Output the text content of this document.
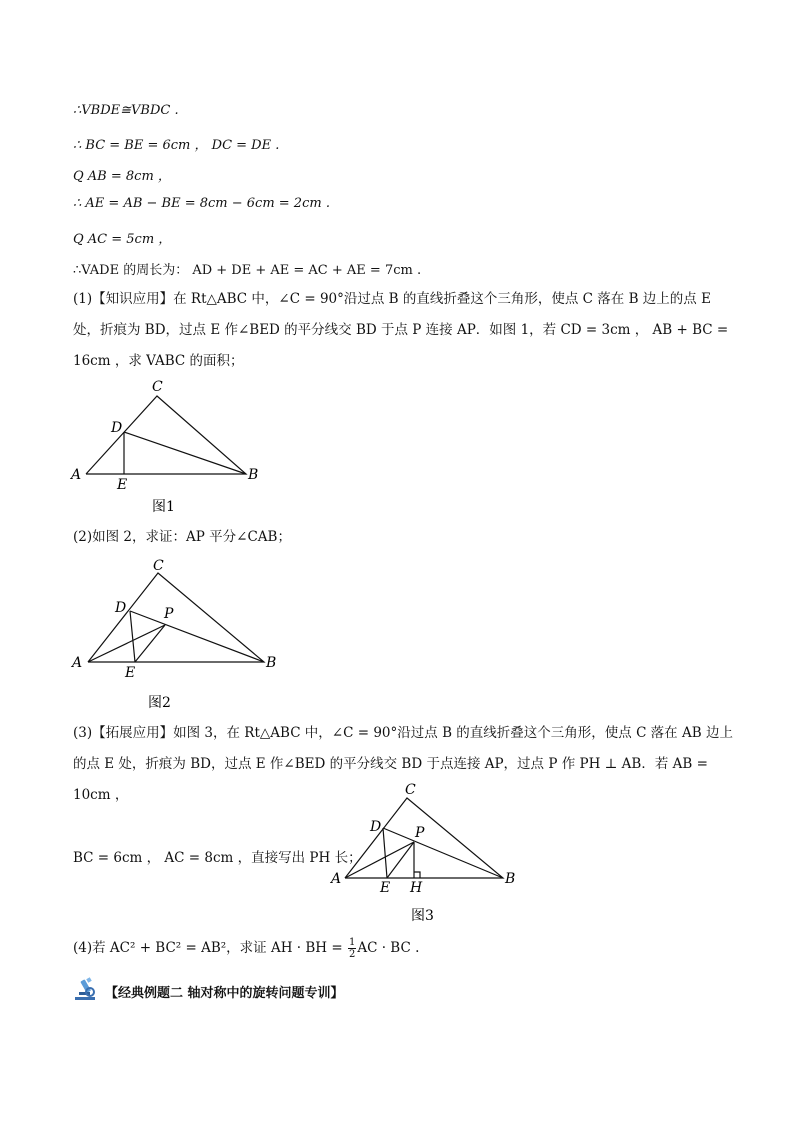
∴VBDE≅VBDC .
∴ BC = BE = 6cm ， DC = DE .
Q AB = 8cm ，
∴ AE = AB − BE = 8cm − 6cm = 2cm .
Q AC = 5cm ，
∴VADE 的周长为： AD + DE + AE = AC + AE = 7cm .
(1)【知识应用】在 Rt△ABC 中，∠C = 90°沿过点 B 的直线折叠这个三角形，使点 C 落在 B 边上的点 E 处，折痕为 BD，过点 E 作∠BED 的平分线交 BD 于点 P 连接 AP．如图 1，若 CD = 3cm ， AB + BC = 16cm ，求 VABC 的面积；
C
D
A
E
B
图1
(2)如图 2，求证：AP 平分∠CAB；
C
D	P
A
E
B
图2
(3)【拓展应用】如图 3，在 Rt△ABC 中，∠C = 90°沿过点 B 的直线折叠这个三角形，使点 C 落在 AB 边上的点 E 处，折痕为 BD，过点 E 作∠BED 的平分线交 BD 于点连接 AP，过点 P 作 PH ⊥ AB．若 AB = 10cm ，
BC = 6cm ， AC = 8cm ，直接写出 PH 长；
C
D P
A
E H
B
图3
(4)若 AC² + BC² = AB²，求证 AH · BH = $\frac{1}{2}$ AC · BC .
【经典例题二 轴对称中的旋转问题专训】
